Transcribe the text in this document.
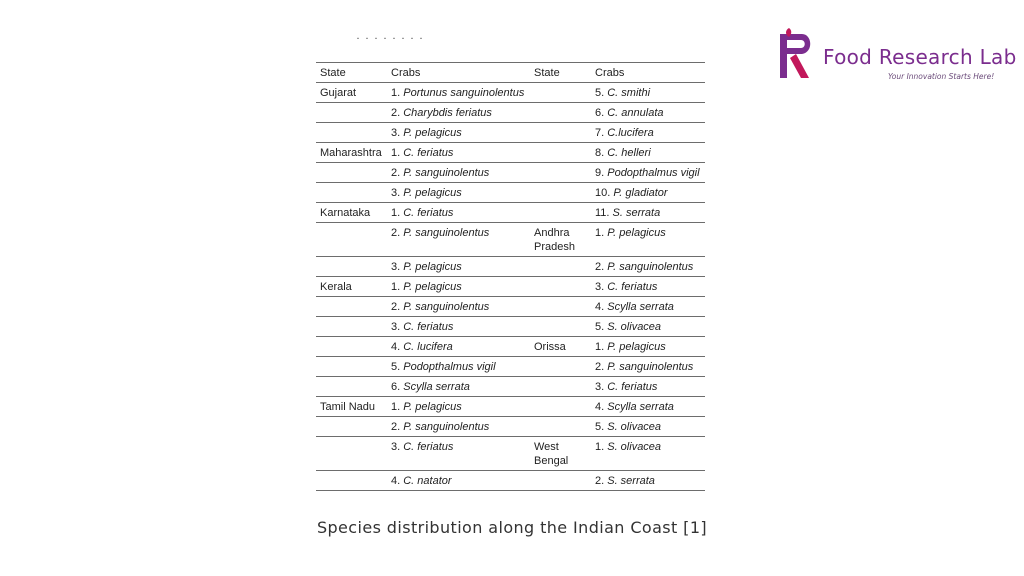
Food Research Lab
Your Innovation Starts Here!
· · · · · · · ·
State	Crabs	State	Crabs
Gujarat	1. Portunus sanguinolentus		5. C. smithi
	2. Charybdis feriatus		6. C. annulata
	3. P. pelagicus		7. C.lucifera
Maharashtra	1. C. feriatus		8. C. helleri
	2. P. sanguinolentus		9. Podopthalmus vigil
	3. P. pelagicus		10. P. gladiator
Karnataka	1. C. feriatus		11. S. serrata
	2. P. sanguinolentus	Andhra Pradesh	1. P. pelagicus
	3. P. pelagicus		2. P. sanguinolentus
Kerala	1. P. pelagicus		3. C. feriatus
	2. P. sanguinolentus		4. Scylla serrata
	3. C. feriatus		5. S. olivacea
	4. C. lucifera	Orissa	1. P. pelagicus
	5. Podopthalmus vigil		2. P. sanguinolentus
	6. Scylla serrata		3. C. feriatus
Tamil Nadu	1. P. pelagicus		4. Scylla serrata
	2. P. sanguinolentus		5. S. olivacea
	3. C. feriatus	West Bengal	1. S. olivacea
	4. C. natator		2. S. serrata
Species distribution along the Indian Coast [1]
